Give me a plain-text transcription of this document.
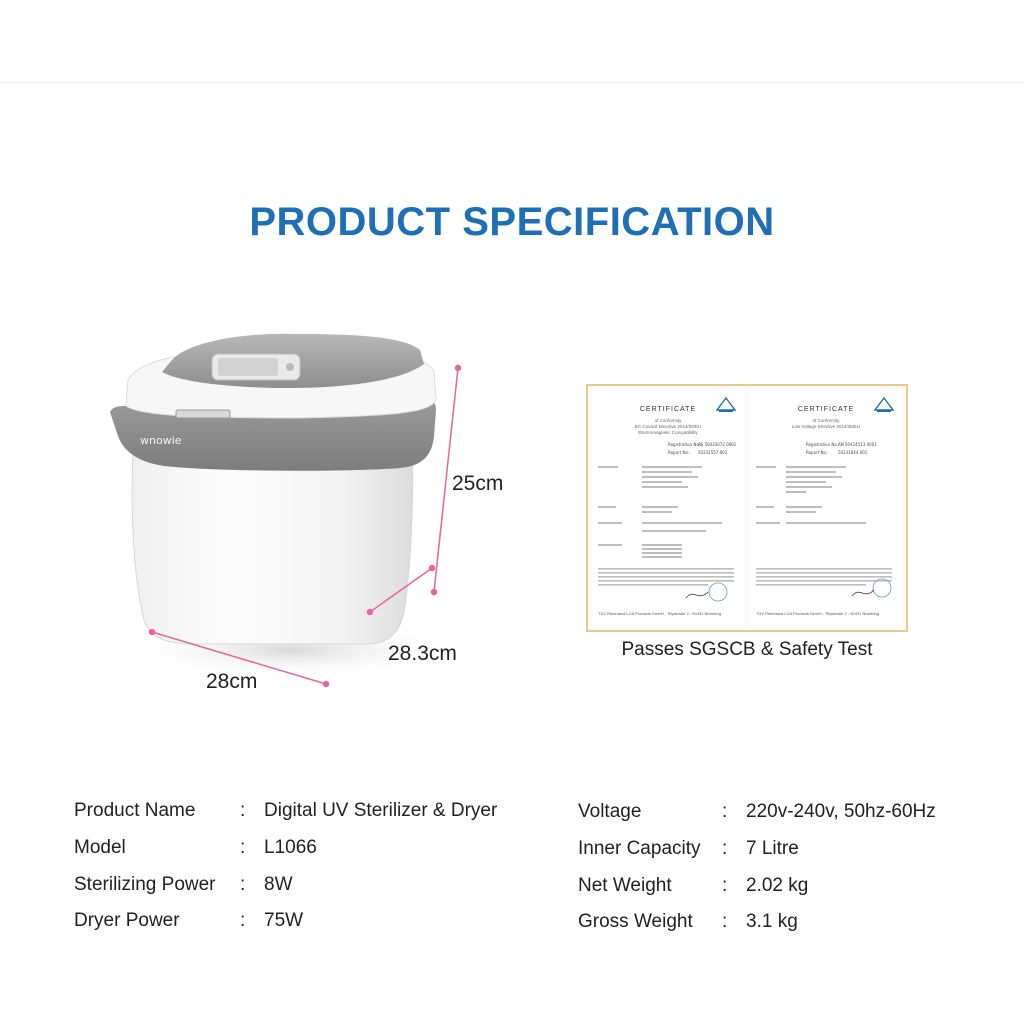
PRODUCT SPECIFICATION
wnowie
25cm
28.3cm
28cm
CERTIFICATE
of Conformity
EC Council Directive 2014/30/EU
Electromagnetic Compatibility
Registration No.:
AE 50435072 0001
Report No.: 50231557 001
TÜV Rheinland LGA Products GmbH - Tillystraße 2 - 90431 Nürnberg
CERTIFICATE
of Conformity
Low Voltage Directive 2014/35/EU
Registration No.:
AN 50424513 0001
Report No.: 50231644 001
TÜV Rheinland LGA Products GmbH - Tillystraße 2 - 90431 Nürnberg
Passes SGSCB & Safety Test
Product Name : Digital UV Sterilizer & Dryer
Model	: L1066
Sterilizing Power : 8W
Dryer Power	: 75W
Voltage	: 220v-240v, 50hz-60Hz
Inner Capacity : 7 Litre
Net Weight	: 2.02 kg
Gross Weight : 3.1 kg
